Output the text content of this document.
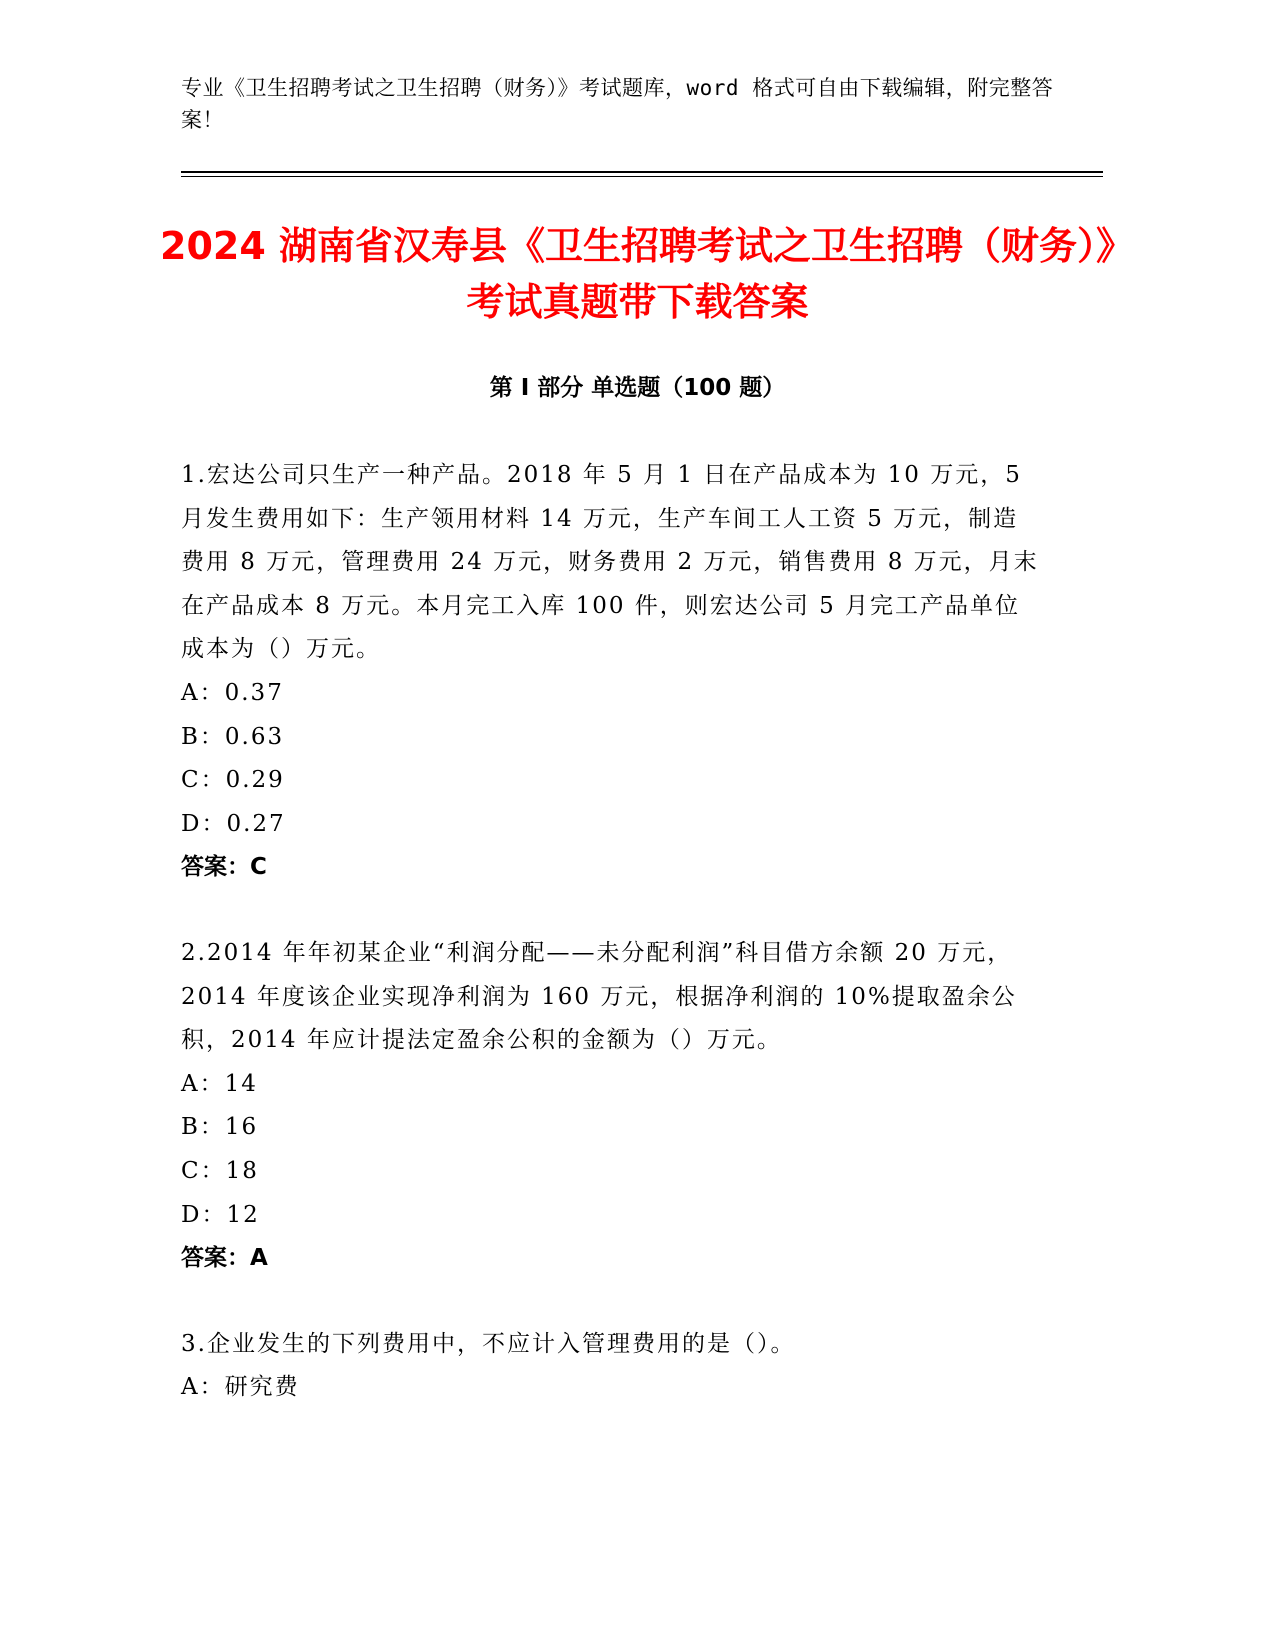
专业《卫生招聘考试之卫生招聘（财务）》考试题库，word 格式可自由下载编辑，附完整答案！
2024 湖南省汉寿县《卫生招聘考试之卫生招聘（财务）》考试真题带下载答案
第 I 部分 单选题（100 题）
1.宏达公司只生产一种产品。2018 年 5 月 1 日在产品成本为 10 万元，5 月发生费用如下：生产领用材料 14 万元，生产车间工人工资 5 万元，制造费用 8 万元，管理费用 24 万元，财务费用 2 万元，销售费用 8 万元，月末在产品成本 8 万元。本月完工入库 100 件，则宏达公司 5 月完工产品单位成本为（）万元。
A：0.37
B：0.63
C：0.29
D：0.27
答案：C
2.2014 年年初某企业“利润分配——未分配利润”科目借方余额 20 万元，2014 年度该企业实现净利润为 160 万元，根据净利润的 10%提取盈余公积，2014 年应计提法定盈余公积的金额为（）万元。
A：14
B：16
C：18
D：12
答案：A
3.企业发生的下列费用中，不应计入管理费用的是（）。
A：研究费
